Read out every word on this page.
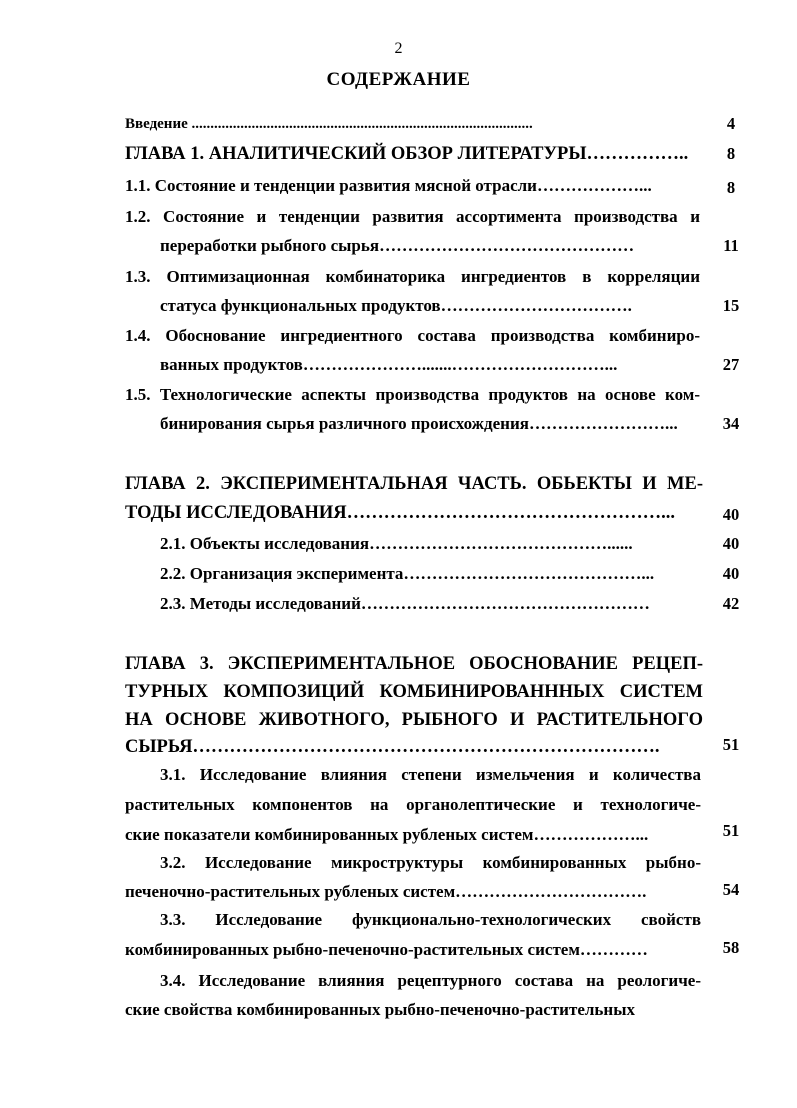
2
СОДЕРЖАНИЕ
Введение ...........................................................................................	4
ГЛАВА 1. АНАЛИТИЧЕСКИЙ ОБЗОР ЛИТЕРАТУРЫ……………..	8
1.1. Состояние и тенденции развития мясной отрасли………………...	8
1.2. Состояние и тенденции развития ассортимента производства и
переработки рыбного сырья………………………………………	11
1.3. Оптимизационная комбинаторика ингредиентов в корреляции
статуса функциональных продуктов…………………………….	15
1.4. Обоснование ингредиентного состава производства комбиниро-
ванных продуктов………………….......………………………...	27
1.5. Технологические аспекты производства продуктов на основе ком-
бинирования сырья различного происхождения……………………...	34
ГЛАВА 2. ЭКСПЕРИМЕНТАЛЬНАЯ ЧАСТЬ. ОБЬЕКТЫ И МЕ-
ТОДЫ ИССЛЕДОВАНИЯ……………………………………………...	40
2.1. Объекты исследования……………………………………......	40
2.2. Организация эксперимента……………………………………...	40
2.3. Методы исследований……………………………………………	42
ГЛАВА 3. ЭКСПЕРИМЕНТАЛЬНОЕ ОБОСНОВАНИЕ РЕЦЕП-
ТУРНЫХ КОМПОЗИЦИЙ КОМБИНИРОВАНННЫХ СИСТЕМ
НА ОСНОВЕ ЖИВОТНОГО, РЫБНОГО И РАСТИТЕЛЬНОГО
СЫРЬЯ………………………………………………………………….	51
3.1. Исследование влияния степени измельчения и количества
растительных компонентов на органолептические и технологиче-
ские показатели комбинированных рубленых систем………………...	51
3.2. Исследование микроструктуры комбинированных рыбно-
печеночно-растительных рубленых систем…………………………….	54
3.3. Исследование функционально-технологических свойств
комбинированных рыбно-печеночно-растительных систем…………	58
3.4. Исследование влияния рецептурного состава на реологиче-
ские свойства комбинированных рыбно-печеночно-растительных
